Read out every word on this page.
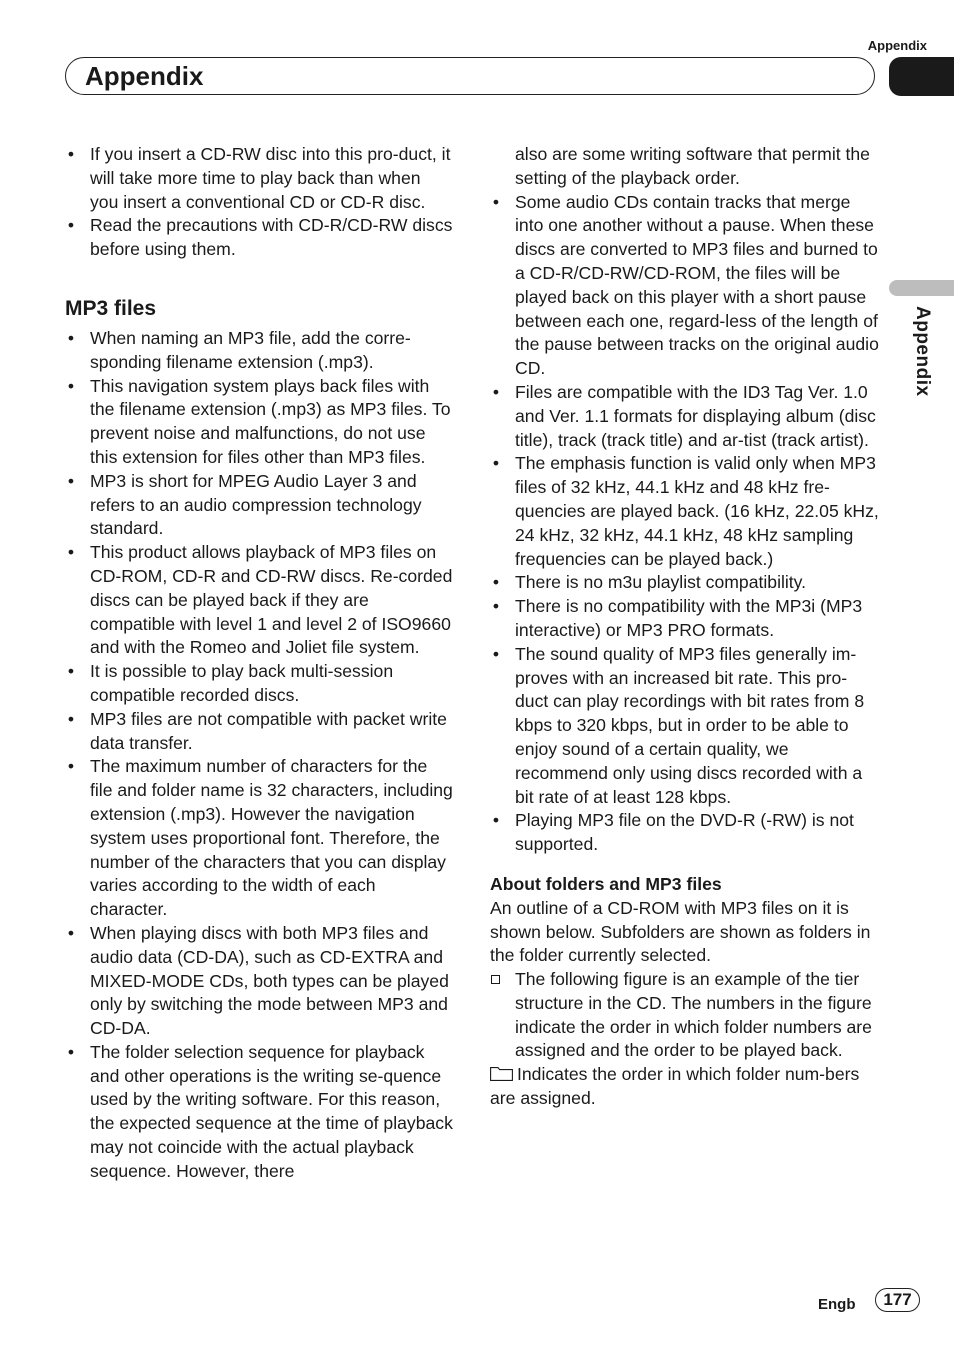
Appendix
Appendix
Appendix
• If you insert a CD-RW disc into this pro-duct, it will take more time to play back than when you insert a conventional CD or CD-R disc.
• Read the precautions with CD-R/CD-RW discs before using them.
MP3 files
• When naming an MP3 file, add the corre-sponding filename extension (.mp3).
• This navigation system plays back files with the filename extension (.mp3) as MP3 files. To prevent noise and malfunctions, do not use this extension for files other than MP3 files.
• MP3 is short for MPEG Audio Layer 3 and refers to an audio compression technology standard.
• This product allows playback of MP3 files on CD-ROM, CD-R and CD-RW discs. Re-corded discs can be played back if they are compatible with level 1 and level 2 of ISO9660 and with the Romeo and Joliet file system.
• It is possible to play back multi-session compatible recorded discs.
• MP3 files are not compatible with packet write data transfer.
• The maximum number of characters for the file and folder name is 32 characters, including extension (.mp3). However the navigation system uses proportional font. Therefore, the number of the characters that you can display varies according to the width of each character.
• When playing discs with both MP3 files and audio data (CD-DA), such as CD-EXTRA and MIXED-MODE CDs, both types can be played only by switching the mode between MP3 and CD-DA.
• The folder selection sequence for playback and other operations is the writing se-quence used by the writing software. For this reason, the expected sequence at the time of playback may not coincide with the actual playback sequence. However, there

also are some writing software that permit the setting of the playback order.

• Some audio CDs contain tracks that merge into one another without a pause. When these discs are converted to MP3 files and burned to a CD-R/CD-RW/CD-ROM, the files will be played back on this player with a short pause between each one, regard-less of the length of the pause between tracks on the original audio CD.
• Files are compatible with the ID3 Tag Ver. 1.0 and Ver. 1.1 formats for displaying album (disc title), track (track title) and ar-tist (track artist).
• The emphasis function is valid only when MP3 files of 32 kHz, 44.1 kHz and 48 kHz fre-quencies are played back. (16 kHz, 22.05 kHz, 24 kHz, 32 kHz, 44.1 kHz, 48 kHz sampling frequencies can be played back.)
• There is no m3u playlist compatibility.
• There is no compatibility with the MP3i (MP3 interactive) or MP3 PRO formats.
• The sound quality of MP3 files generally im-proves with an increased bit rate. This pro-duct can play recordings with bit rates from 8 kbps to 320 kbps, but in order to be able to enjoy sound of a certain quality, we recommend only using discs recorded with a bit rate of at least 128 kbps.
• Playing MP3 file on the DVD-R (-RW) is not supported.
About folders and MP3 files

An outline of a CD-ROM with MP3 files on it is shown below. Subfolders are shown as folders in the folder currently selected.

The following figure is an example of the tier structure in the CD. The numbers in the figure indicate the order in which folder numbers are assigned and the order to be played back.

Indicates the order in which folder num-bers are assigned.

Engb	177
